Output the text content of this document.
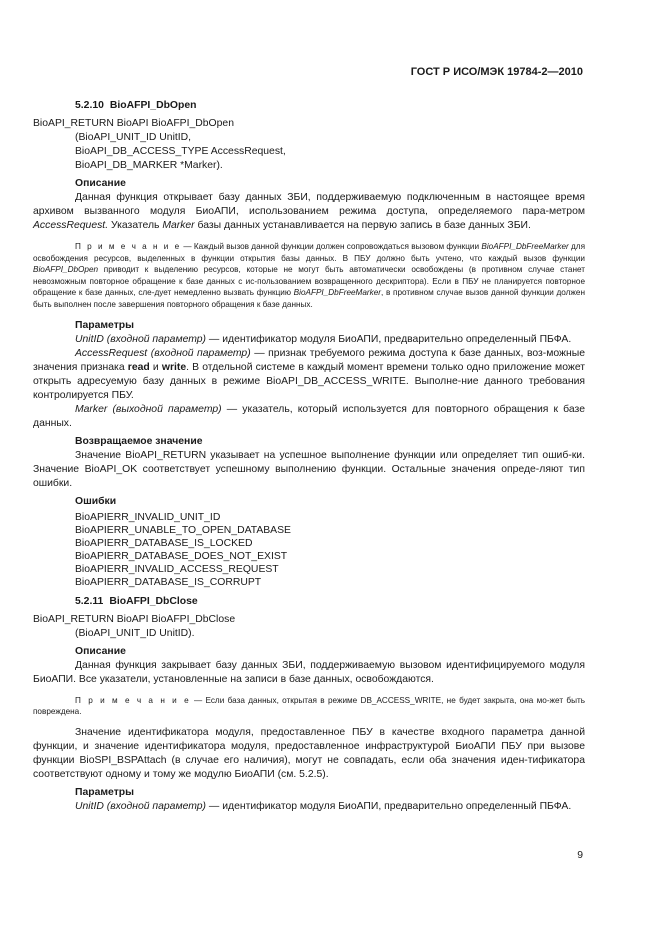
ГОСТ Р ИСО/МЭК 19784-2—2010

5.2.10 BioAFPI_DbOpen

BioAPI_RETURN BioAPI BioAFPI_DbOpen
(BioAPI_UNIT_ID UnitID,
BioAPI_DB_ACCESS_TYPE AccessRequest,
BioAPI_DB_MARKER *Marker).

Описание

Данная функция открывает базу данных ЗБИ, поддерживаемую подключенным в настоящее время архивом вызванного модуля БиоАПИ, использованием режима доступа, определяемого пара-метром AccessRequest. Указатель Marker базы данных устанавливается на первую запись в базе данных ЗБИ.

П р и м е ч а н и е — Каждый вызов данной функции должен сопровождаться вызовом функции BioAFPI_DbFreeMarker для освобождения ресурсов, выделенных в функции открытия базы данных. В ПБУ должно быть учтено, что каждый вызов функции BioAFPI_DbOpen приводит к выделению ресурсов, которые не могут быть автоматически освобождены (в противном случае станет невозможным повторное обращение к базе данных с ис-пользованием возвращенного дескриптора). Если в ПБУ не планируется повторное обращение к базе данных, сле-дует немедленно вызвать функцию BioAFPI_DbFreeMarker, в противном случае вызов данной функции должен быть выполнен после завершения повторного обращения к базе данных.

Параметры

UnitID (входной параметр) — идентификатор модуля БиоАПИ, предварительно определенный ПБФА.

AccessRequest (входной параметр) — признак требуемого режима доступа к базе данных, воз-можные значения признака read и write. В отдельной системе в каждый момент времени только одно приложение может открыть адресуемую базу данных в режиме BioAPI_DB_ACCESS_WRITE. Выполне-ние данного требования контролируется ПБУ.

Marker (выходной параметр) — указатель, который используется для повторного обращения к базе данных.

Возвращаемое значение

Значение BioAPI_RETURN указывает на успешное выполнение функции или определяет тип ошиб-ки. Значение BioAPI_OK соответствует успешному выполнению функции. Остальные значения опреде-ляют тип ошибки.

Ошибки

BioAPIERR_INVALID_UNIT_ID
BioAPIERR_UNABLE_TO_OPEN_DATABASE
BioAPIERR_DATABASE_IS_LOCKED
BioAPIERR_DATABASE_DOES_NOT_EXIST
BioAPIERR_INVALID_ACCESS_REQUEST
BioAPIERR_DATABASE_IS_CORRUPT

5.2.11 BioAFPI_DbClose

BioAPI_RETURN BioAPI BioAFPI_DbClose
(BioAPI_UNIT_ID UnitID).

Описание

Данная функция закрывает базу данных ЗБИ, поддерживаемую вызовом идентифицируемого модуля БиоАПИ. Все указатели, установленные на записи в базе данных, освобождаются.

П р и м е ч а н и е — Если база данных, открытая в режиме DB_ACCESS_WRITE, не будет закрыта, она мо-жет быть повреждена.

Значение идентификатора модуля, предоставленное ПБУ в качестве входного параметра данной функции, и значение идентификатора модуля, предоставленное инфраструктурой БиоАПИ ПБУ при вызове функции BioSPI_BSPAttach (в случае его наличия), могут не совпадать, если оба значения иден-тификатора соответствуют одному и тому же модулю БиоАПИ (см. 5.2.5).

Параметры

UnitID (входной параметр) — идентификатор модуля БиоАПИ, предварительно определенный ПБФА.

9
